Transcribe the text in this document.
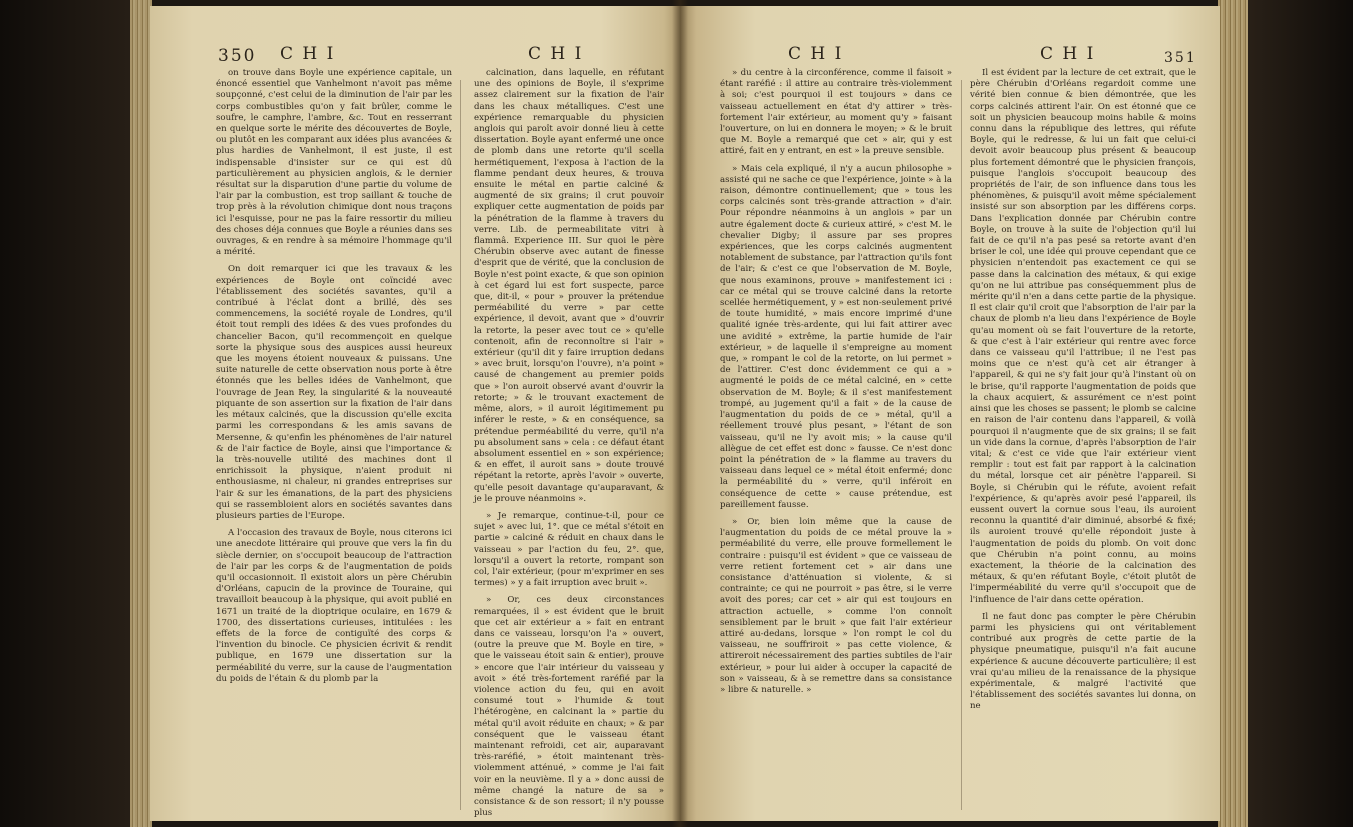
350 C H I	C H I

on trouve dans Boyle une expérience capitale, un énoncé essentiel que Vanhelmont n'avoit pas même soupçonné, c'est celui de la diminution de l'air par les corps combustibles qu'on y fait brûler, comme le soufre, le camphre, l'ambre, &c. Tout en resserrant en quelque sorte le mérite des découvertes de Boyle, ou plutôt en les comparant aux idées plus avancées & plus hardies de Vanhelmont, il est juste, il est indispensable d'insister sur ce qui est dû particulièrement au physicien anglois, & le dernier résultat sur la disparution d'une partie du volume de l'air par la combustion, est trop saillant & touche de trop près à la révolution chimique dont nous traçons ici l'esquisse, pour ne pas la faire ressortir du milieu des choses déja connues que Boyle a réunies dans ses ouvrages, & en rendre à sa mémoire l'hommage qu'il a mérité.

On doit remarquer ici que les travaux & les expériences de Boyle ont coïncidé avec l'établissement des sociétés savantes, qu'il a contribué à l'éclat dont a brillé, dès ses commencemens, la société royale de Londres, qu'il étoit tout rempli des idées & des vues profondes du chancelier Bacon, qu'il recommençoit en quelque sorte la physique sous des auspices aussi heureux que les moyens étoient nouveaux & puissans. Une suite naturelle de cette observation nous porte à être étonnés que les belles idées de Vanhelmont, que l'ouvrage de Jean Rey, la singularité & la nouveauté piquante de son assertion sur la fixation de l'air dans les métaux calcinés, que la discussion qu'elle excita parmi les correspondans & les amis savans de Mersenne, & qu'enfin les phénomènes de l'air naturel & de l'air factice de Boyle, ainsi que l'importance & la très-nouvelle utilité des machines dont il enrichissoit la physique, n'aient produit ni enthousiasme, ni chaleur, ni grandes entreprises sur l'air & sur les émanations, de la part des physiciens qui se rassembloient alors en sociétés savantes dans plusieurs parties de l'Europe.

A l'occasion des travaux de Boyle, nous citerons ici une anecdote littéraire qui prouve que vers la fin du siècle dernier, on s'occupoit beaucoup de l'attraction de l'air par les corps & de l'augmentation de poids qu'il occasionnoit. Il existoit alors un père Chérubin d'Orléans, capucin de la province de Touraine, qui travailloit beaucoup à la physique, qui avoit publié en 1671 un traité de la dioptrique oculaire, en 1679 & 1700, des dissertations curieuses, intitulées : les effets de la force de contiguïté des corps & l'invention du binocle. Ce physicien écrivit & rendit publique, en 1679 une dissertation sur la perméabilité du verre, sur la cause de l'augmentation du poids de l'étain & du plomb par la

calcination, dans laquelle, en réfutant une des opinions de Boyle, il s'exprime assez clairement sur la fixation de l'air dans les chaux métalliques. C'est une expérience remarquable du physicien anglois qui paroît avoir donné lieu à cette dissertation. Boyle ayant enfermé une once de plomb dans une retorte qu'il scella hermétiquement, l'exposa à l'action de la flamme pendant deux heures, & trouva ensuite le métal en partie calciné & augmenté de six grains; il crut pouvoir expliquer cette augmentation de poids par la pénétration de la flamme à travers du verre. Lib. de permeabilitate vitri à flammâ. Experience III. Sur quoi le père Chérubin observe avec autant de finesse d'esprit que de vérité, que la conclusion de Boyle n'est point exacte, & que son opinion à cet égard lui est fort suspecte, parce que, dit-il, « pour » prouver la prétendue perméabilité du verre » par cette expérience, il devoit, avant que » d'ouvrir la retorte, la peser avec tout ce » qu'elle contenoit, afin de reconnoître si l'air » extérieur (qu'il dit y faire irruption dedans » avec bruit, lorsqu'on l'ouvre), n'a point » causé de changement au premier poids que » l'on auroit observé avant d'ouvrir la retorte; » & le trouvant exactement de même, alors, » il auroit légitimement pu inférer le reste, » & en conséquence, sa prétendue perméabilité du verre, qu'il n'a pu absolument sans » cela : ce défaut étant absolument essentiel en » son expérience; & en effet, il auroit sans » doute trouvé répétant la retorte, après l'avoir » ouverte, qu'elle pesoit davantage qu'auparavant, & je le prouve néanmoins ».

» Je remarque, continue-t-il, pour ce sujet » avec lui, 1°. que ce métal s'étoit en partie » calciné & réduit en chaux dans le vaisseau » par l'action du feu, 2°. que, lorsqu'il a ouvert la retorte, rompant son col, l'air extérieur, (pour m'exprimer en ses termes) » y a fait irruption avec bruit ».

» Or, ces deux circonstances remarquées, il » est évident que le bruit que cet air extérieur a » fait en entrant dans ce vaisseau, lorsqu'on l'a » ouvert, (outre la preuve que M. Boyle en tire, » que le vaisseau étoit sain & entier), prouve » encore que l'air intérieur du vaisseau y avoit » été très-fortement raréfié par la violence action du feu, qui en avoit consumé tout » l'humide & tout l'hétérogène, en calcinant la » partie du métal qu'il avoit réduite en chaux; » & par conséquent que le vaisseau étant maintenant refroidi, cet air, auparavant très-raréfié, » étoit maintenant très-violemment atténué, » comme je l'ai fait voir en la neuvième. Il y a » donc aussi de même changé la nature de sa » consistance & de son ressort; il n'y pousse plus

C H I	C H I	351

» du centre à la circonférence, comme il faisoit » étant raréfié : il attire au contraire très-violemment à soi; c'est pourquoi il est toujours » dans ce vaisseau actuellement en état d'y attirer » très-fortement l'air extérieur, au moment qu'y » faisant l'ouverture, on lui en donnera le moyen; » & le bruit que M. Boyle a remarqué que cet » air, qui y est attiré, fait en y entrant, en est » la preuve sensible.

» Mais cela expliqué, il n'y a aucun philosophe » assisté qui ne sache ce que l'expérience, jointe » à la raison, démontre continuellement; que » tous les corps calcinés sont très-grande attraction » d'air. Pour répondre néanmoins à un anglois » par un autre également docte & curieux attiré, » c'est M. le chevalier Digby; il assure par ses propres expériences, que les corps calcinés augmentent notablement de substance, par l'attraction qu'ils font de l'air; & c'est ce que l'observation de M. Boyle, que nous examinons, prouve » manifestement ici : car ce métal qui se trouve calciné dans la retorte scellée hermétiquement, y » est non-seulement privé de toute humidité, » mais encore imprimé d'une qualité ignée très-ardente, qui lui fait attirer avec une avidité » extrême, la partie humide de l'air extérieur, » de laquelle il s'empreigne au moment que, » rompant le col de la retorte, on lui permet » de l'attirer. C'est donc évidemment ce qui a » augmenté le poids de ce métal calciné, en » cette observation de M. Boyle; & il s'est manifestement trompé, au jugement qu'il a fait » de la cause de l'augmentation du poids de ce » métal, qu'il a réellement trouvé plus pesant, » l'étant de son vaisseau, qu'il ne l'y avoit mis; » la cause qu'il allègue de cet effet est donc » fausse. Ce n'est donc point la pénétration de » la flamme au travers du vaisseau dans lequel ce » métal étoit enfermé; donc la perméabilité du » verre, qu'il inféroit en conséquence de cette » cause prétendue, est pareillement fausse.

» Or, bien loin même que la cause de l'augmentation du poids de ce métal prouve la » perméabilité du verre, elle prouve formellement le contraire : puisqu'il est évident » que ce vaisseau de verre retient fortement cet » air dans une consistance d'atténuation si violente, & si contrainte; ce qui ne pourroit » pas être, si le verre avoit des pores; car cet » air qui est toujours en attraction actuelle, » comme l'on connoît sensiblement par le bruit » que fait l'air extérieur attiré au-dedans, lorsque » l'on rompt le col du vaisseau, ne souffriroit » pas cette violence, & attireroit nécessairement des parties subtiles de l'air extérieur, » pour lui aider à occuper la capacité de son » vaisseau, & à se remettre dans sa consistance » libre & naturelle. »

Il est évident par la lecture de cet extrait, que le père Chérubin d'Orléans regardoit comme une vérité bien connue & bien démontrée, que les corps calcinés attirent l'air. On est étonné que ce soit un physicien beaucoup moins habile & moins connu dans la république des lettres, qui réfute Boyle, qui le redresse, & lui un fait que celui-ci devoit avoir beaucoup plus présent & beaucoup plus fortement démontré que le physicien françois, puisque l'anglois s'occupoit beaucoup des propriétés de l'air, de son influence dans tous les phénomènes, & puisqu'il avoit même spécialement insisté sur son absorption par les différens corps. Dans l'explication donnée par Chérubin contre Boyle, on trouve à la suite de l'objection qu'il lui fait de ce qu'il n'a pas pesé sa retorte avant d'en briser le col, une idée qui prouve cependant que ce physicien n'entendoit pas exactement ce qui se passe dans la calcination des métaux, & qui exige qu'on ne lui attribue pas conséquemment plus de mérite qu'il n'en a dans cette partie de la physique. Il est clair qu'il croit que l'absorption de l'air par la chaux de plomb n'a lieu dans l'expérience de Boyle qu'au moment où se fait l'ouverture de la retorte, & que c'est à l'air extérieur qui rentre avec force dans ce vaisseau qu'il l'attribue; il ne l'est pas moins que ce n'est qu'à cet air étranger à l'appareil, & qui ne s'y fait jour qu'à l'instant où on le brise, qu'il rapporte l'augmentation de poids que la chaux acquiert, & assurément ce n'est point ainsi que les choses se passent; le plomb se calcine en raison de l'air contenu dans l'appareil, & voilà pourquoi il n'augmente que de six grains; il se fait un vide dans la cornue, d'après l'absorption de l'air vital; & c'est ce vide que l'air extérieur vient remplir : tout est fait par rapport à la calcination du métal, lorsque cet air pénètre l'appareil. Si Boyle, si Chérubin qui le réfute, avoient refait l'expérience, & qu'après avoir pesé l'appareil, ils eussent ouvert la cornue sous l'eau, ils auroient reconnu la quantité d'air diminué, absorbé & fixé; ils auroient trouvé qu'elle répondoit juste à l'augmentation de poids du plomb. On voit donc que Chérubin n'a point connu, au moins exactement, la théorie de la calcination des métaux, & qu'en réfutant Boyle, c'étoit plutôt de l'imperméabilité du verre qu'il s'occupoit que de l'influence de l'air dans cette opération.

Il ne faut donc pas compter le père Chérubin parmi les physiciens qui ont véritablement contribué aux progrès de cette partie de la physique pneumatique, puisqu'il n'a fait aucune expérience & aucune découverte particulière; il est vrai qu'au milieu de la renaissance de la physique expérimentale, & malgré l'activité que l'établissement des sociétés savantes lui donna, on ne
